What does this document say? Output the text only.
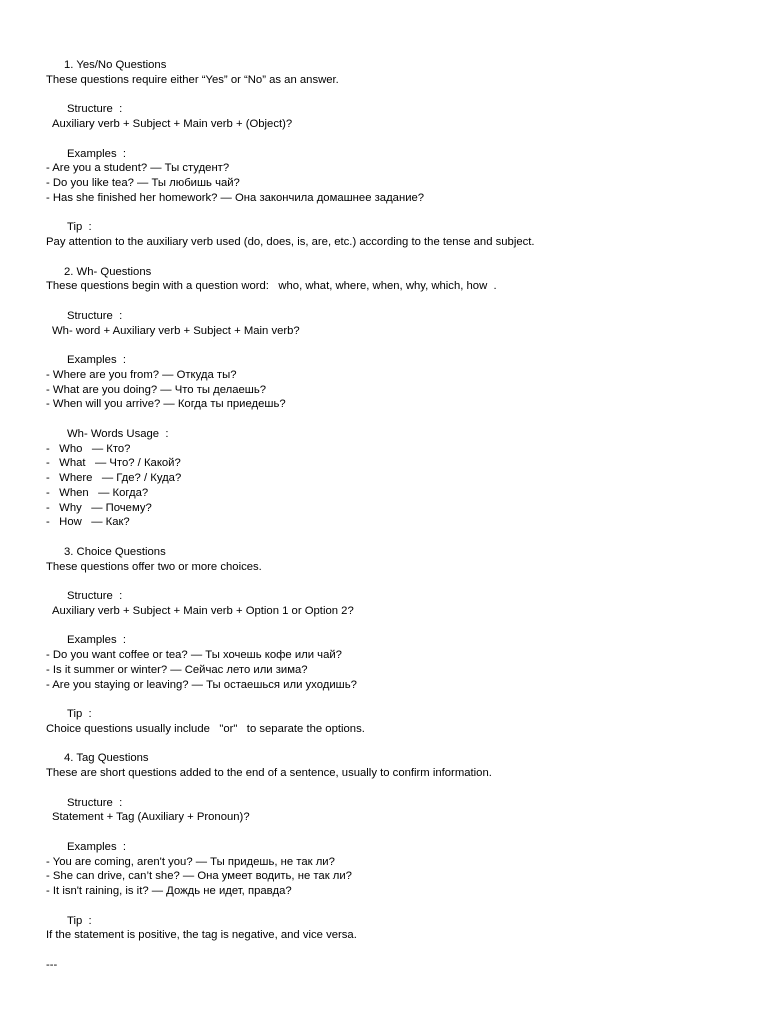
1. Yes/No Questions
These questions require either “Yes” or “No” as an answer.
Structure  :
Auxiliary verb + Subject + Main verb + (Object)?
Examples  :
- Are you a student? — Ты студент?
- Do you like tea? — Ты любишь чай?
- Has she finished her homework? — Она закончила домашнее задание?
Tip  :
Pay attention to the auxiliary verb used (do, does, is, are, etc.) according to the tense and subject.
2. Wh- Questions
These questions begin with a question word:   who, what, where, when, why, which, how  .
Structure  :
Wh- word + Auxiliary verb + Subject + Main verb?
Examples  :
- Where are you from? — Откуда ты?
- What are you doing? — Что ты делаешь?
- When will you arrive? — Когда ты приедешь?
Wh- Words Usage  :
-   Who   — Кто?
-   What   — Что? / Какой?
-   Where   — Где? / Куда?
-   When   — Когда?
-   Why   — Почему?
-   How   — Как?
3. Choice Questions
These questions offer two or more choices.
Structure  :
Auxiliary verb + Subject + Main verb + Option 1 or Option 2?
Examples  :
- Do you want coffee or tea? — Ты хочешь кофе или чай?
- Is it summer or winter? — Сейчас лето или зима?
- Are you staying or leaving? — Ты остаешься или уходишь?
Tip  :
Choice questions usually include   "or"   to separate the options.
4. Tag Questions
These are short questions added to the end of a sentence, usually to confirm information.
Structure  :
Statement + Tag (Auxiliary + Pronoun)?
Examples  :
- You are coming, aren't you? — Ты придешь, не так ли?
- She can drive, can’t she? — Она умеет водить, не так ли?
- It isn't raining, is it? — Дождь не идет, правда?
Tip  :
If the statement is positive, the tag is negative, and vice versa.
---
